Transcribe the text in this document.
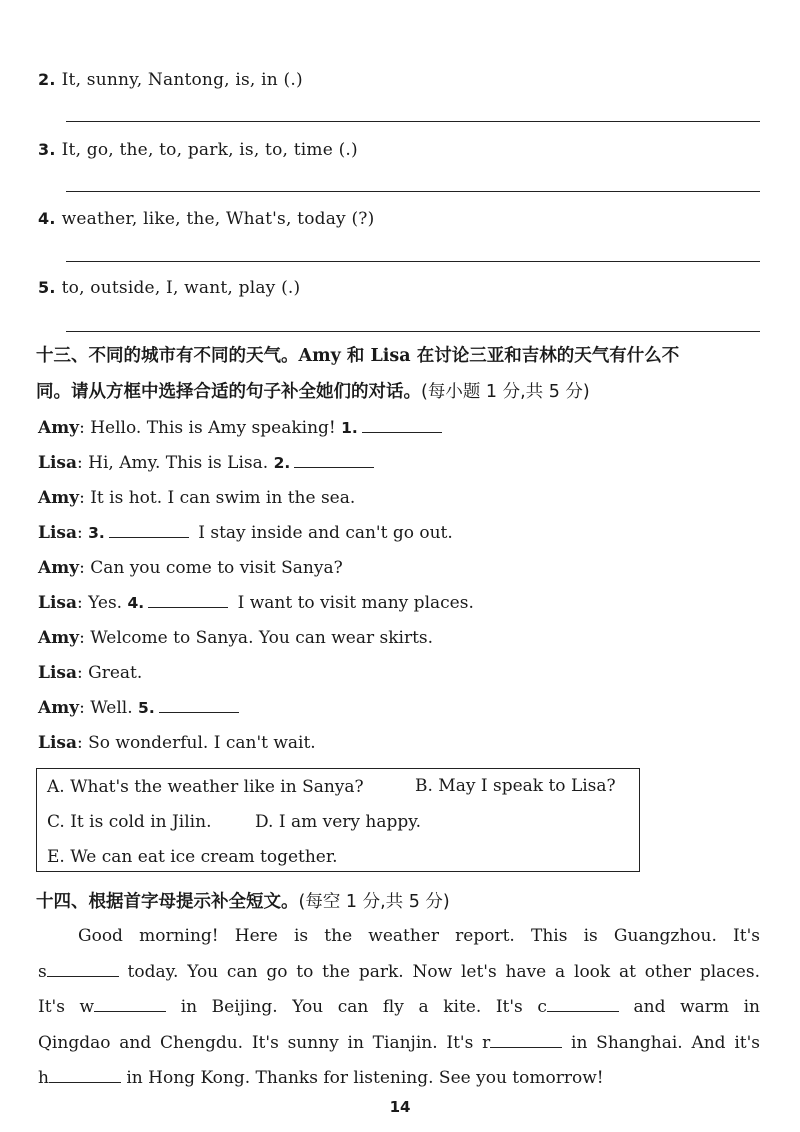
2. It, sunny, Nantong, is, in (.)
3. It, go, the, to, park, is, to, time (.)
4. weather, like, the, What's, today (?)
5. to, outside, I, want, play (.)
十三、不同的城市有不同的天气。Amy 和 Lisa 在讨论三亚和吉林的天气有什么不
同。请从方框中选择合适的句子补全她们的对话。(每小题 1 分,共 5 分)
Amy: Hello. This is Amy speaking! 1.
Lisa: Hi, Amy. This is Lisa. 2.
Amy: It is hot. I can swim in the sea.
Lisa: 3.	I stay inside and can't go out.
Amy: Can you come to visit Sanya?
Lisa: Yes. 4.	I want to visit many places.
Amy: Welcome to Sanya. You can wear skirts.
Lisa: Great.
Amy: Well. 5.
Lisa: So wonderful. I can't wait.
A. What's the weather like in Sanya?	B. May I speak to Lisa?
C. It is cold in Jilin.	D. I am very happy.
E. We can eat ice cream together.
十四、根据首字母提示补全短文。(每空 1 分,共 5 分)
Good morning! Here is the weather report. This is Guangzhou. It's
s	today. You can go to the park. Now let's have a look at other places.
It's w	in Beijing. You can fly a kite. It's c	and warm in
Qingdao and Chengdu. It's sunny in Tianjin. It's r	in Shanghai. And it's
h	in Hong Kong. Thanks for listening. See you tomorrow!
14
